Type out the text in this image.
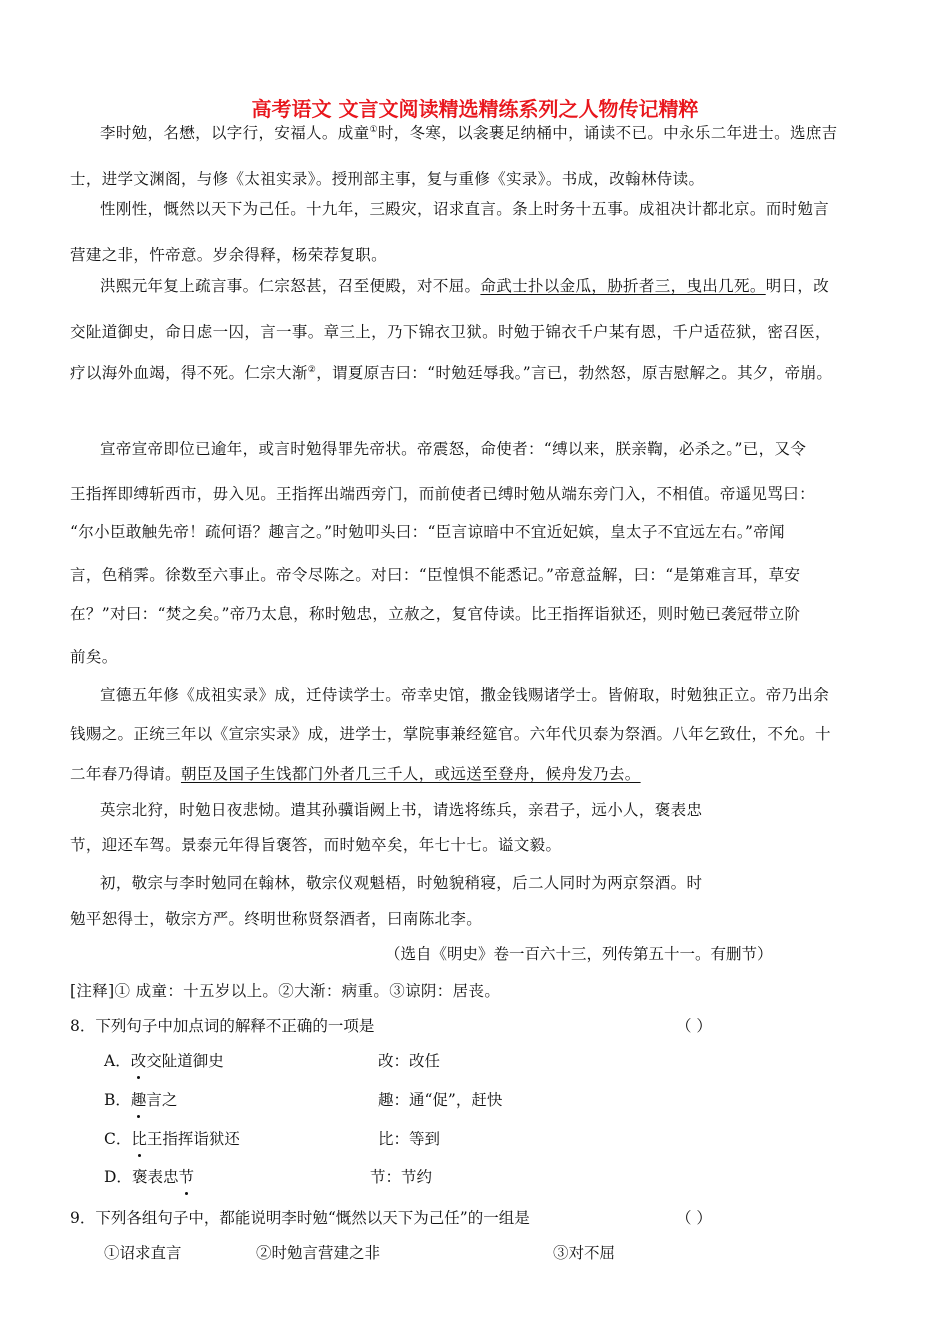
高考语文 文言文阅读精选精练系列之人物传记精粹
李时勉，名懋，以字行，安福人。成童①时，冬寒，以衾裹足纳桶中，诵读不已。中永乐二年进士。选庶吉
士，进学文渊阁，与修《太祖实录》。授刑部主事，复与重修《实录》。书成，改翰林侍读。
性刚性，慨然以天下为己任。十九年，三殿灾，诏求直言。条上时务十五事。成祖决计都北京。而时勉言
营建之非，忤帝意。岁余得释，杨荣荐复职。
洪熙元年复上疏言事。仁宗怒甚，召至便殿，对不屈。命武士扑以金瓜，胁折者三，曳出几死。明日，改
交阯道御史，命日虑一囚，言一事。章三上，乃下锦衣卫狱。时勉于锦衣千户某有恩，千户适莅狱，密召医，
疗以海外血竭，得不死。仁宗大渐②，谓夏原吉曰：“时勉廷辱我。”言已，勃然怒，原吉慰解之。其夕，帝崩。
宣帝宣帝即位已逾年，或言时勉得罪先帝状。帝震怒，命使者：“缚以来，朕亲鞫，必杀之。”已，又令
王指挥即缚斩西市，毋入见。王指挥出端西旁门，而前使者已缚时勉从端东旁门入，不相值。帝遥见骂曰：
“尔小臣敢触先帝！疏何语？趣言之。”时勉叩头曰：“臣言谅暗中不宜近妃嫔，皇太子不宜远左右。”帝闻
言，色稍霁。徐数至六事止。帝令尽陈之。对曰：“臣惶惧不能悉记。”帝意益解，曰：“是第难言耳，草安
在？”对曰：“焚之矣。”帝乃太息，称时勉忠，立赦之，复官侍读。比王指挥诣狱还，则时勉已袭冠带立阶
前矣。
宣德五年修《成祖实录》成，迁侍读学士。帝幸史馆，撒金钱赐诸学士。皆俯取，时勉独正立。帝乃出余
钱赐之。正统三年以《宣宗实录》成，进学士，掌院事兼经筵官。六年代贝泰为祭酒。八年乞致仕，不允。十
二年春乃得请。朝臣及国子生饯都门外者几三千人，或远送至登舟，候舟发乃去。
英宗北狩，时勉日夜悲恸。遣其孙骥诣阙上书，请选将练兵，亲君子，远小人，褒表忠
节，迎还车驾。景泰元年得旨褒答，而时勉卒矣，年七十七。谥文毅。
初，敬宗与李时勉同在翰林，敬宗仪观魁梧，时勉貌稍寝，后二人同时为两京祭酒。时
勉平恕得士，敬宗方严。终明世称贤祭酒者，曰南陈北李。
（选自《明史》卷一百六十三，列传第五十一。有删节）
[注释]① 成童：十五岁以上。②大渐：病重。③谅阴：居丧。
8．下列句子中加点词的解释不正确的一项是	（ ）
A．改交阯道御史	改：改任
B．趣言之	趣：通“促”，赶快
C．比王指挥诣狱还	比：等到
D．褒表忠节	节：节约
9．下列各组句子中，都能说明李时勉“慨然以天下为己任”的一组是	（ ）
①诏求直言	②时勉言营建之非	③对不屈
